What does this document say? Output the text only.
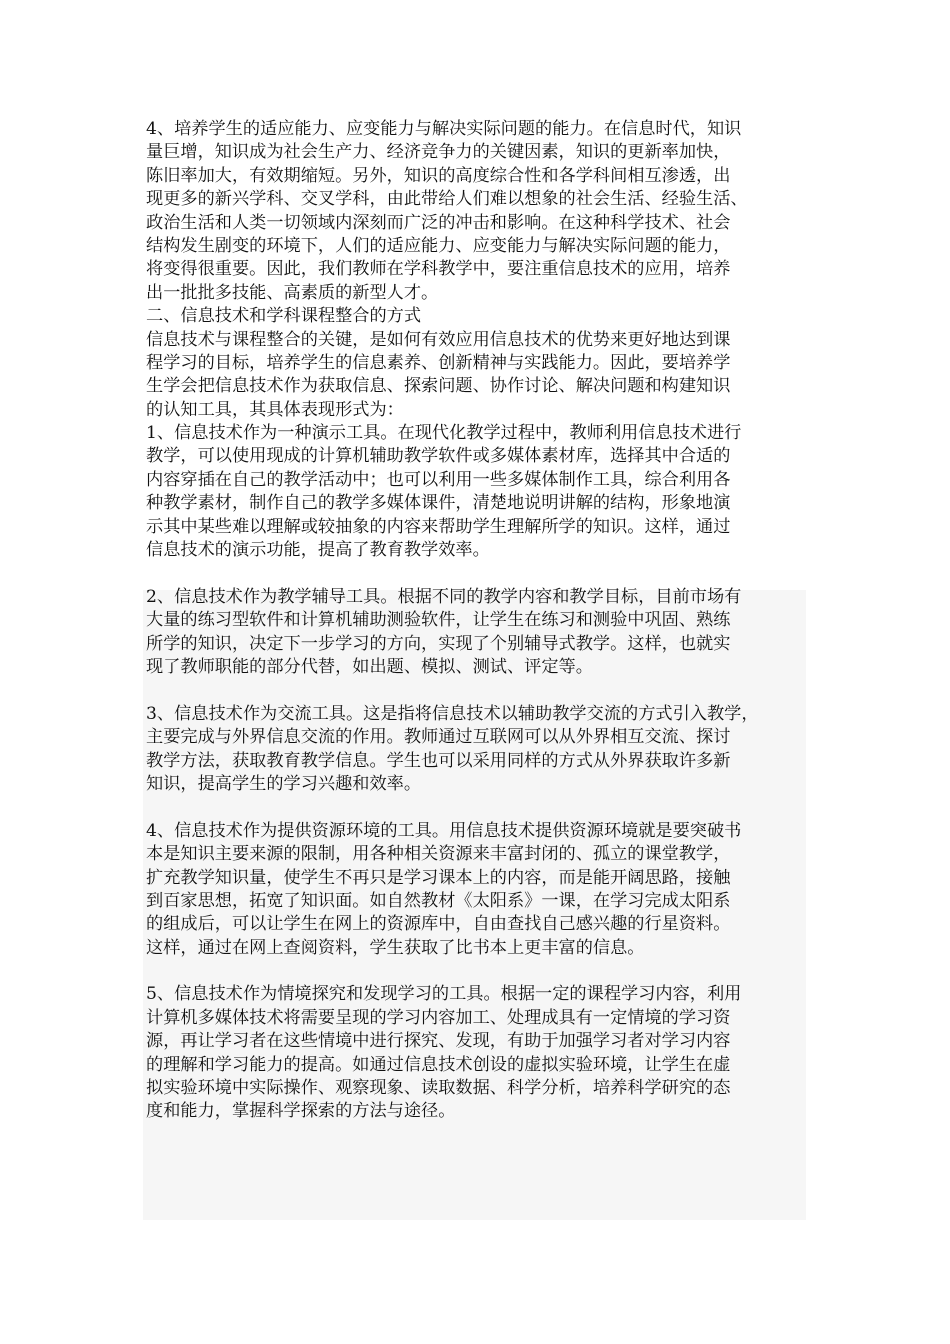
4、培养学生的适应能力、应变能力与解决实际问题的能力。在信息时代，知识
量巨增，知识成为社会生产力、经济竞争力的关键因素，知识的更新率加快，
陈旧率加大，有效期缩短。另外，知识的高度综合性和各学科间相互渗透，出
现更多的新兴学科、交叉学科，由此带给人们难以想象的社会生活、经验生活、
政治生活和人类一切领域内深刻而广泛的冲击和影响。在这种科学技术、社会
结构发生剧变的环境下，人们的适应能力、应变能力与解决实际问题的能力，
将变得很重要。因此，我们教师在学科教学中，要注重信息技术的应用，培养
出一批批多技能、高素质的新型人才。

二、信息技术和学科课程整合的方式

信息技术与课程整合的关键，是如何有效应用信息技术的优势来更好地达到课
程学习的目标，培养学生的信息素养、创新精神与实践能力。因此，要培养学
生学会把信息技术作为获取信息、探索问题、协作讨论、解决问题和构建知识
的认知工具，其具体表现形式为：

1、信息技术作为一种演示工具。在现代化教学过程中，教师利用信息技术进行
教学，可以使用现成的计算机辅助教学软件或多媒体素材库，选择其中合适的
内容穿插在自己的教学活动中；也可以利用一些多媒体制作工具，综合利用各
种教学素材，制作自己的教学多媒体课件，清楚地说明讲解的结构，形象地演
示其中某些难以理解或较抽象的内容来帮助学生理解所学的知识。这样，通过
信息技术的演示功能，提高了教育教学效率。

2、信息技术作为教学辅导工具。根据不同的教学内容和教学目标，目前市场有
大量的练习型软件和计算机辅助测验软件，让学生在练习和测验中巩固、熟练
所学的知识，决定下一步学习的方向，实现了个别辅导式教学。这样，也就实
现了教师职能的部分代替，如出题、模拟、测试、评定等。

3、信息技术作为交流工具。这是指将信息技术以辅助教学交流的方式引入教学，
主要完成与外界信息交流的作用。教师通过互联网可以从外界相互交流、探讨
教学方法，获取教育教学信息。学生也可以采用同样的方式从外界获取许多新
知识，提高学生的学习兴趣和效率。

4、信息技术作为提供资源环境的工具。用信息技术提供资源环境就是要突破书
本是知识主要来源的限制，用各种相关资源来丰富封闭的、孤立的课堂教学，
扩充教学知识量，使学生不再只是学习课本上的内容，而是能开阔思路，接触
到百家思想，拓宽了知识面。如自然教材《太阳系》一课，在学习完成太阳系
的组成后，可以让学生在网上的资源库中，自由查找自己感兴趣的行星资料。
这样，通过在网上查阅资料，学生获取了比书本上更丰富的信息。

5、信息技术作为情境探究和发现学习的工具。根据一定的课程学习内容，利用
计算机多媒体技术将需要呈现的学习内容加工、处理成具有一定情境的学习资
源，再让学习者在这些情境中进行探究、发现，有助于加强学习者对学习内容
的理解和学习能力的提高。如通过信息技术创设的虚拟实验环境，让学生在虚
拟实验环境中实际操作、观察现象、读取数据、科学分析，培养科学研究的态
度和能力，掌握科学探索的方法与途径。
